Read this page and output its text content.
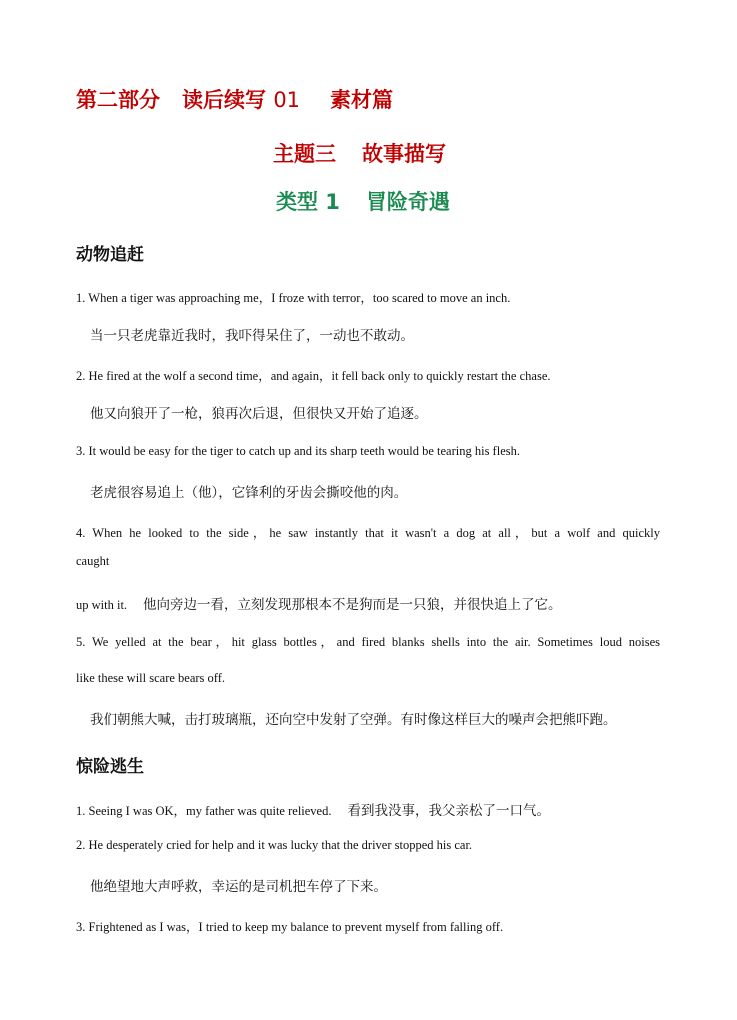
第二部分 读后续写 01 素材篇
主题三 故事描写
类型 1 冒险奇遇
动物追赶
1. When a tiger was approaching me，I froze with terror，too scared to move an inch.
当一只老虎靠近我时，我吓得呆住了，一动也不敢动。
2. He fired at the wolf a second time，and again，it fell back only to quickly restart the chase.
他又向狼开了一枪，狼再次后退，但很快又开始了追逐。
3. It would be easy for the tiger to catch up and its sharp teeth would be tearing his flesh.
老虎很容易追上（他），它锋利的牙齿会撕咬他的肉。
4. When he looked to the side，he saw instantly that it wasn't a dog at all，but a wolf and quickly
caught
up with it. 他向旁边一看，立刻发现那根本不是狗而是一只狼，并很快追上了它。
5. We yelled at the bear，hit glass bottles，and fired blanks shells into the air. Sometimes loud noises
like these will scare bears off.
我们朝熊大喊，击打玻璃瓶，还向空中发射了空弹。有时像这样巨大的噪声会把熊吓跑。
惊险逃生
1. Seeing I was OK，my father was quite relieved. 看到我没事，我父亲松了一口气。
2. He desperately cried for help and it was lucky that the driver stopped his car.
他绝望地大声呼救，幸运的是司机把车停了下来。
3. Frightened as I was，I tried to keep my balance to prevent myself from falling off.
